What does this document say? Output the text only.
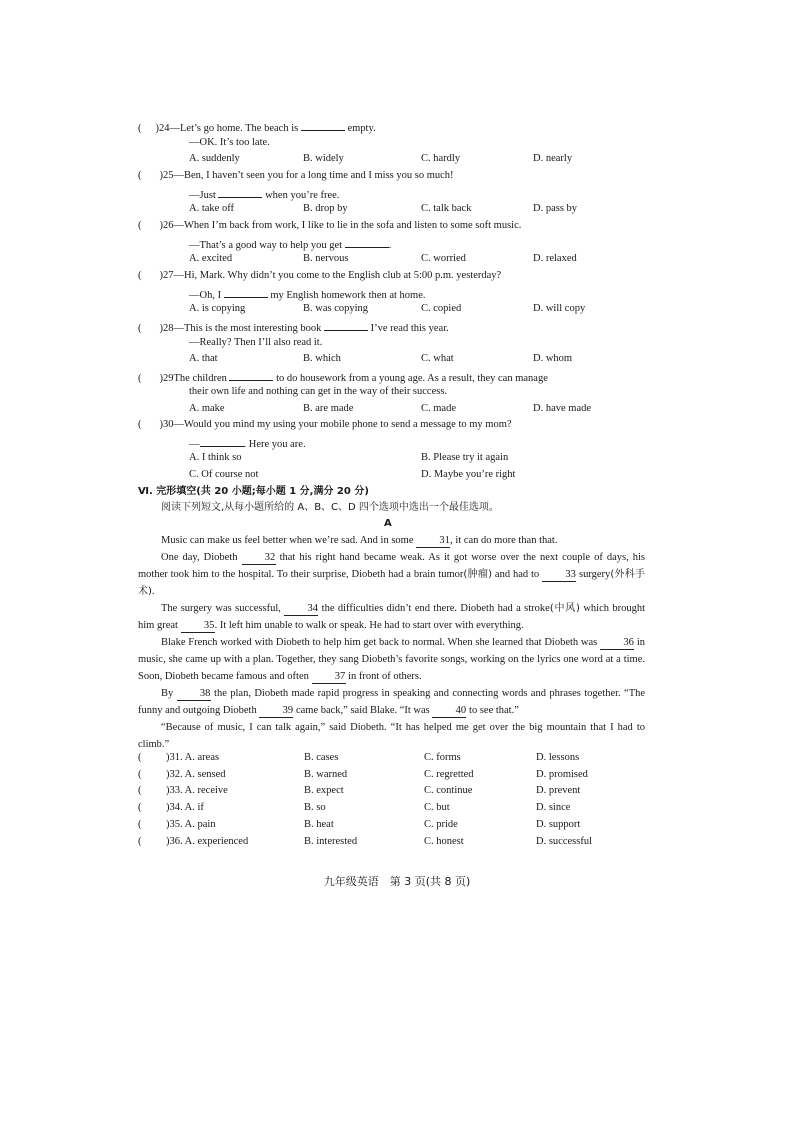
( )24—Let’s go home. The beach is	empty.
—OK. It’s too late.
A. suddenly	B. widely	C. hardly	D. nearly
( )25—Ben, I haven’t seen you for a long time and I miss you so much!
—Just	when you’re free.
A. take off	B. drop by	C. talk back	D. pass by
( )26—When I’m back from work, I like to lie in the sofa and listen to some soft music.
—That’s a good way to help you get	.
A. excited	B. nervous	C. worried	D. relaxed
( )27—Hi, Mark. Why didn’t you come to the English club at 5:00 p.m. yesterday?
—Oh, I	my English homework then at home.
A. is copying	B. was copying	C. copied	D. will copy
( )28—This is the most interesting book	I’ve read this year.
—Really? Then I’ll also read it.
A. that	B. which	C. what	D. whom
( )29The children	to do housework from a young age. As a result, they can manage
their own life and nothing can get in the way of their success.
A. make	B. are made	C. made	D. have made
( )30—Would you mind my using your mobile phone to send a message to my mom?
—	. Here you are.
A. I think so	B. Please try it again
C. Of course not	D. Maybe you’re right
Ⅵ. 完形填空(共 20 小题;每小题 1 分,满分 20 分)
阅读下列短文,从每小题所给的 A、B、C、D 四个选项中选出一个最佳选项。
A
Music can make us feel better when we’re sad. And in some 31, it can do more than that.
One day, Diobeth	32 that his right hand became weak. As it got worse over the next couple of days, his mother took him to the hospital. To their surprise, Diobeth had a brain tumor(肿瘤) and had to 33 surgery(外科手术).
The surgery was successful,	34 the difficulties didn’t end there. Diobeth had a stroke(中风) which brought him great 35. It left him unable to walk or speak. He had to start over with everything.
Blake French worked with Diobeth to help him get back to normal. When she learned that Diobeth was 36 in music, she came up with a plan. Together, they sang Diobeth’s favorite songs, working on the lyrics one word at a time. Soon, Diobeth became famous and often 37 in front of others.
By	38 the plan, Diobeth made rapid progress in speaking and connecting words and phrases together. “The funny and outgoing Diobeth 39 came back,” said Blake. “It was 40 to see that.”
“Because of music, I can talk again,” said Diobeth. “It has helped me get over the big mountain that I had to climb.”
( )31. A. areas	B. cases	C. forms	D. lessons
( )32. A. sensed	B. warned	C. regretted	D. promised
( )33. A. receive	B. expect	C. continue	D. prevent
( )34. A. if	B. so	C. but	D. since
( )35. A. pain	B. heat	C. pride	D. support
( )36. A. experienced	B. interested	C. honest	D. successful
九年级英语　第 3 页(共 8 页)
